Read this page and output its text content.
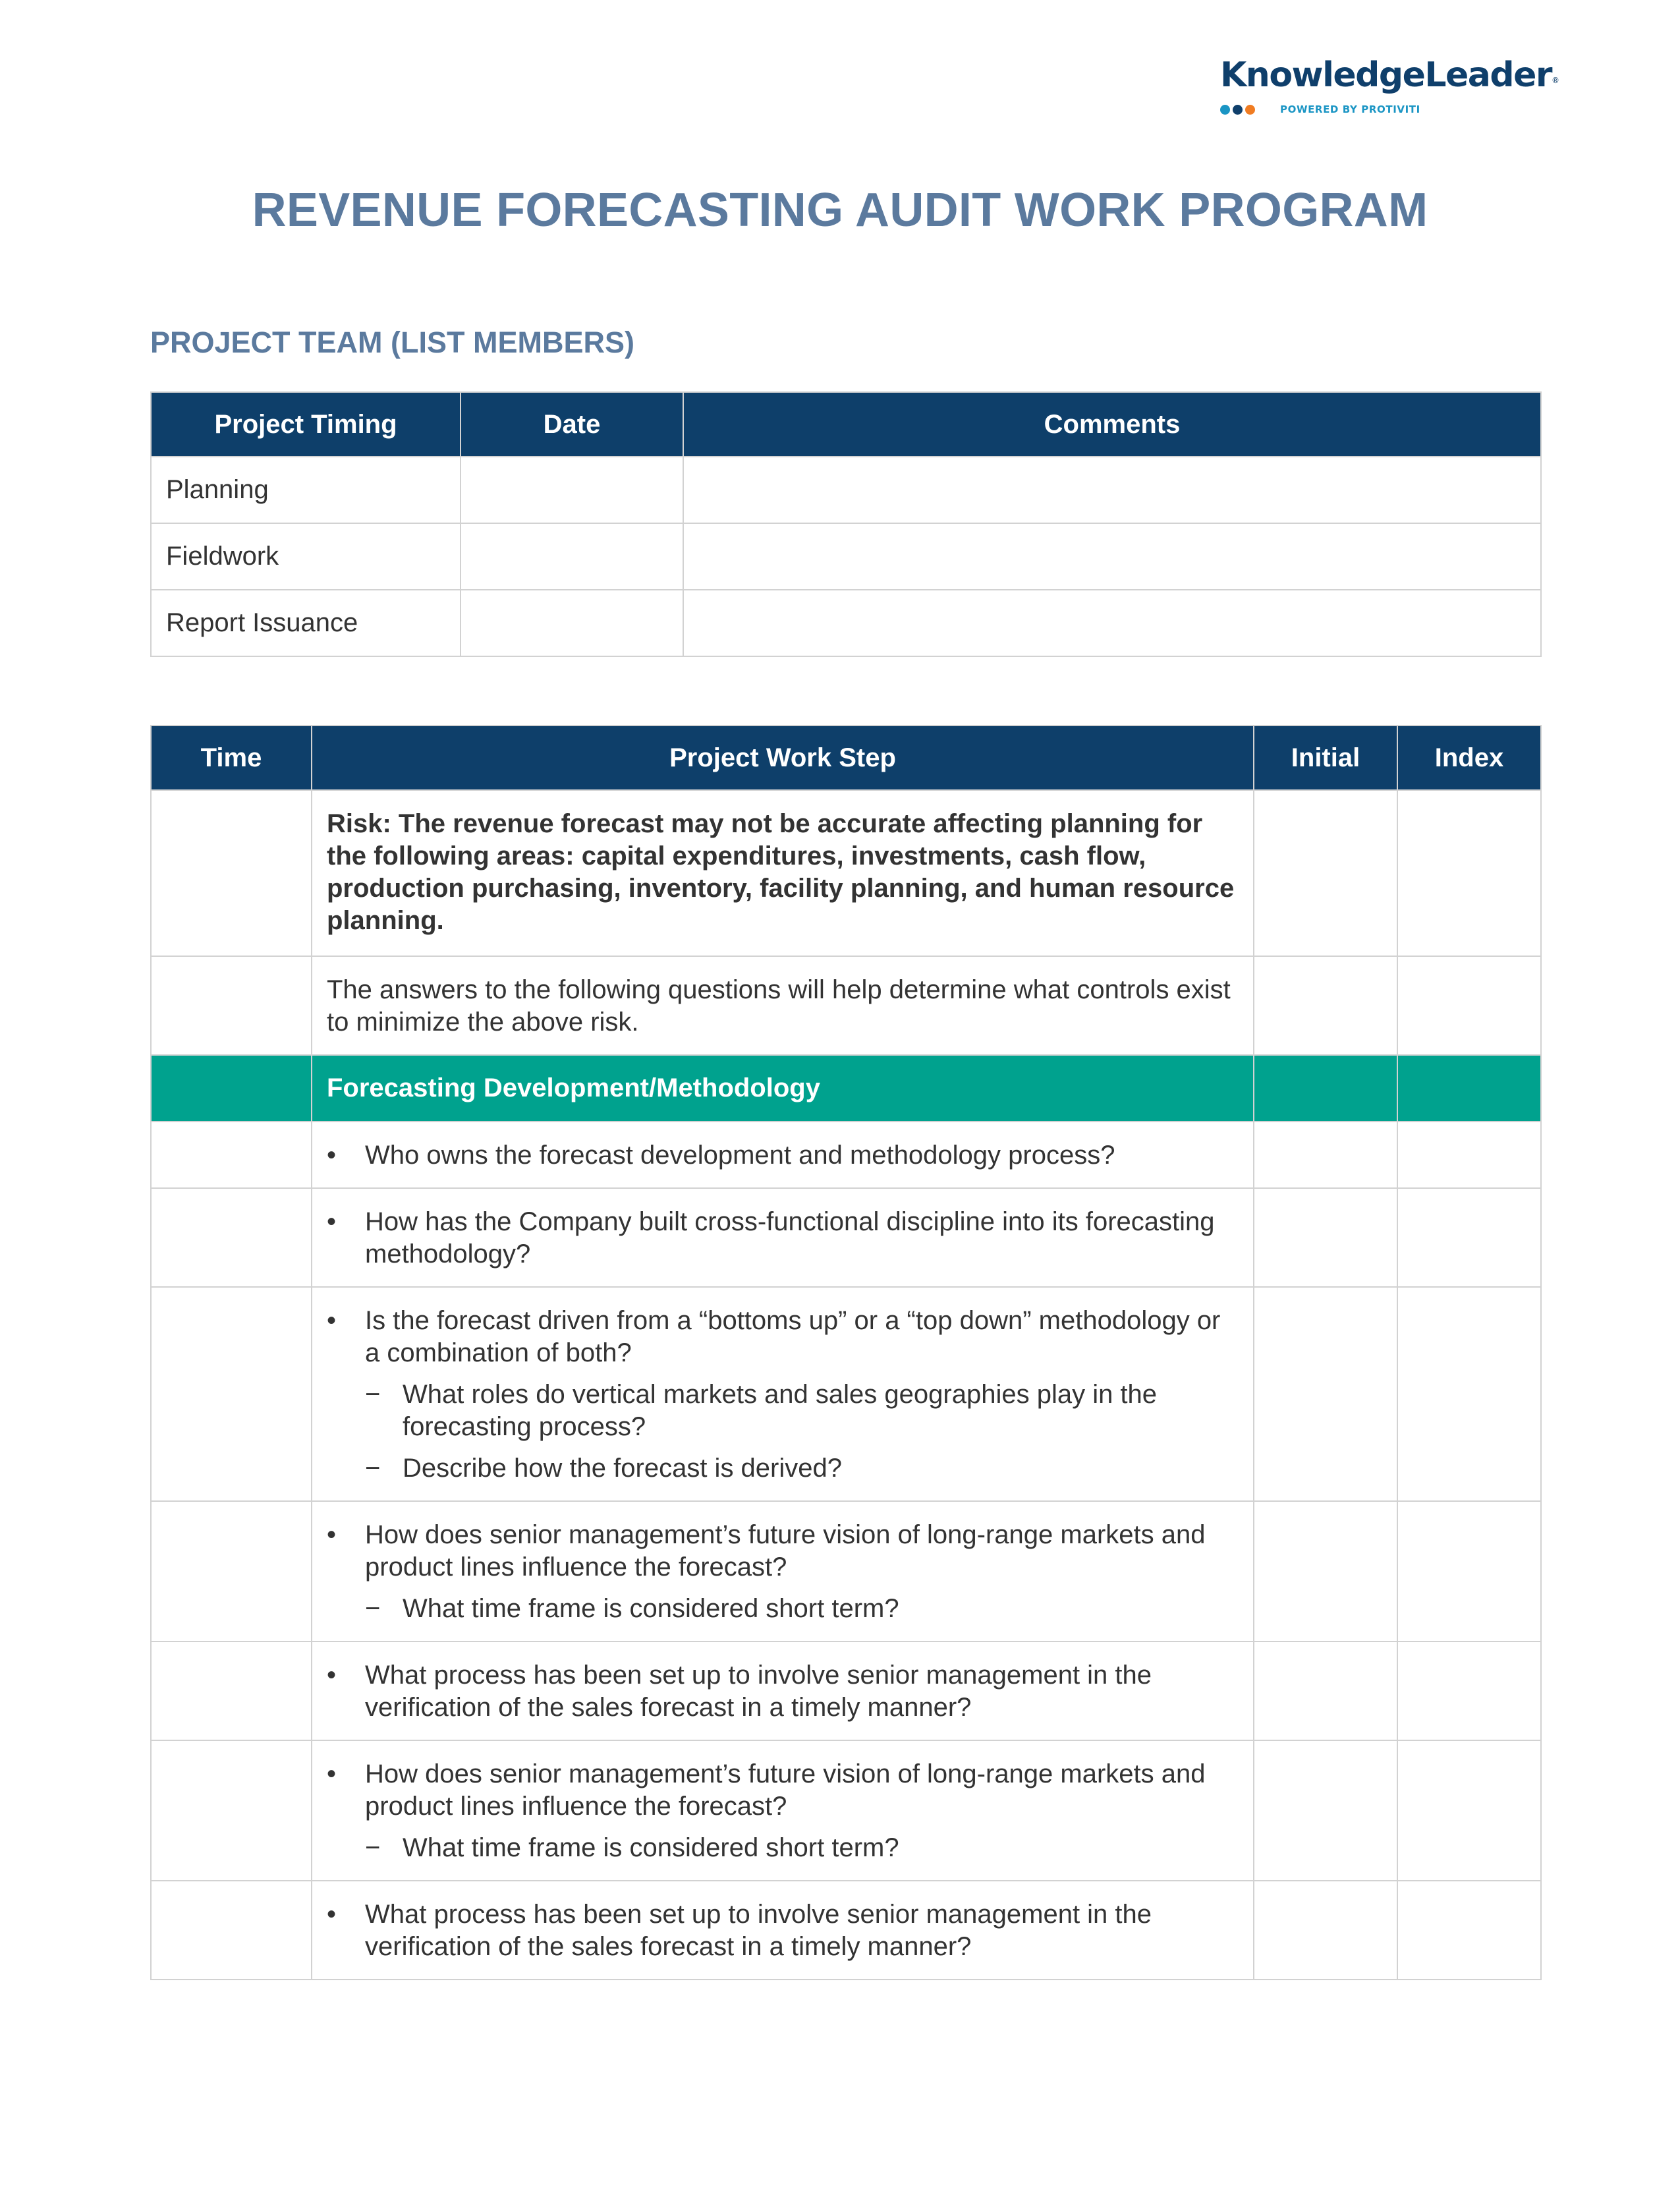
KnowledgeLeader®
POWERED BY PROTIVITI
REVENUE FORECASTING AUDIT WORK PROGRAM
PROJECT TEAM (LIST MEMBERS)
Project Timing	Date	Comments
Planning		
Fieldwork		
Report Issuance		
Time	Project Work Step	Initial	Index

	Risk: The revenue forecast may not be accurate affecting planning for the following areas: capital expenditures, investments, cash flow, production purchasing, inventory, facility planning, and human resource planning.		

	The answers to the following questions will help determine what controls exist to minimize the above risk.		

	Forecasting Development/Methodology		

	• Who owns the forecast development and methodology process?

	• How has the Company built cross-functional discipline into its forecasting methodology?

	• Is the forecast driven from a “bottoms up” or a “top down” methodology or a combination of both?
− What roles do vertical markets and sales geographies play in the forecasting process?
− Describe how the forecast is derived?

	• How does senior management’s future vision of long-range markets and product lines influence the forecast?
− What time frame is considered short term?

	• What process has been set up to involve senior management in the verification of the sales forecast in a timely manner?

	• How does senior management’s future vision of long-range markets and product lines influence the forecast?
− What time frame is considered short term?

	• What process has been set up to involve senior management in the verification of the sales forecast in a timely manner?
